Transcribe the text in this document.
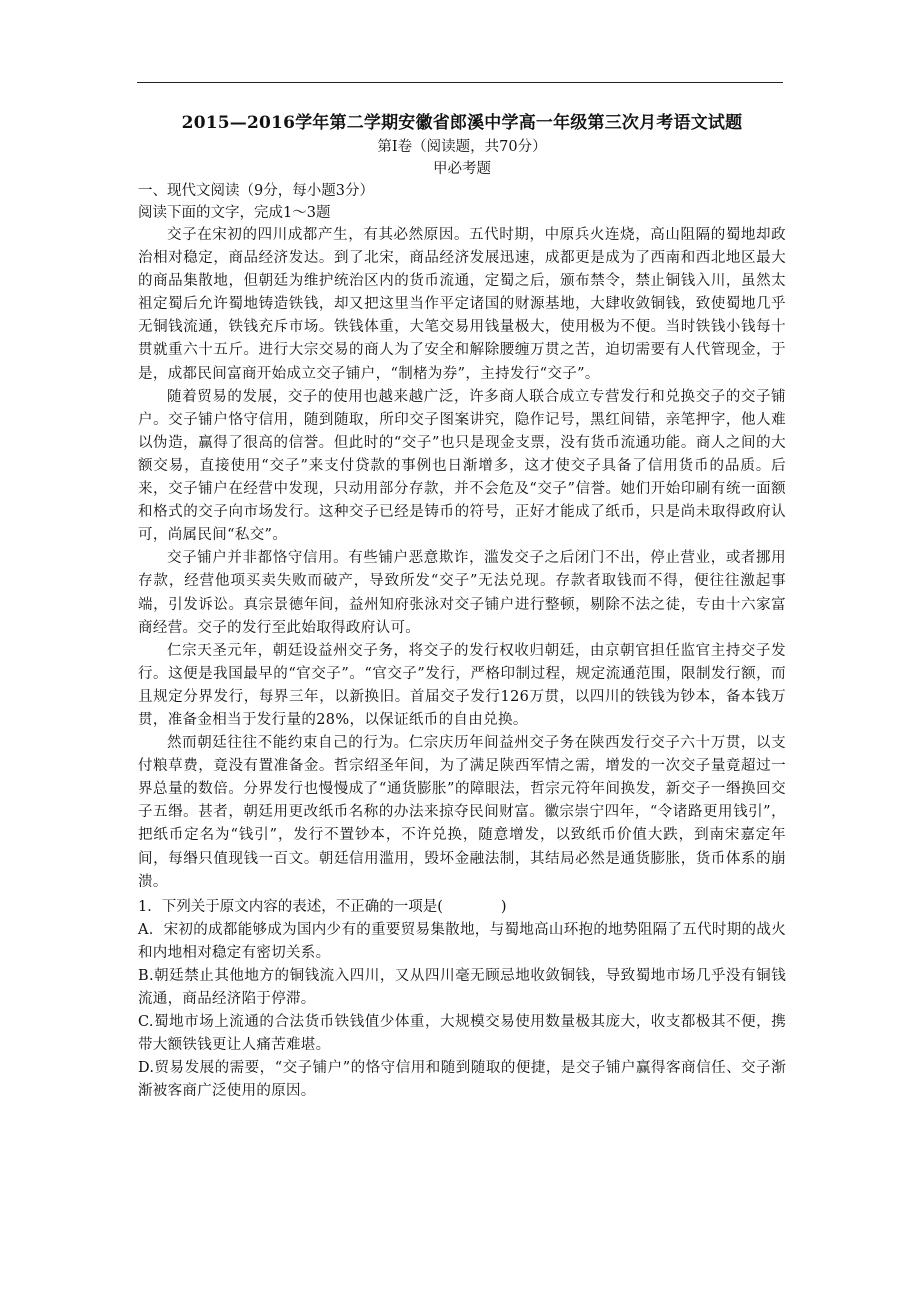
2015—2016学年第二学期安徽省郎溪中学高一年级第三次月考语文试题

第Ⅰ卷（阅读题，共70分）

甲必考题

一、现代文阅读（9分，每小题3分）

阅读下面的文字，完成1～3题

交子在宋初的四川成都产生，有其必然原因。五代时期，中原兵火连烧，高山阻隔的蜀地却政治相对稳定，商品经济发达。到了北宋，商品经济发展迅速，成都更是成为了西南和西北地区最大的商品集散地，但朝廷为维护统治区内的货币流通，定蜀之后，颁布禁令，禁止铜钱入川，虽然太祖定蜀后允许蜀地铸造铁钱，却又把这里当作平定诸国的财源基地，大肆收敛铜钱，致使蜀地几乎无铜钱流通，铁钱充斥市场。铁钱体重，大笔交易用钱量极大，使用极为不便。当时铁钱小钱每十贯就重六十五斤。进行大宗交易的商人为了安全和解除腰缠万贯之苦，迫切需要有人代管现金，于是，成都民间富商开始成立交子铺户，“制楮为券”，主持发行“交子”。

随着贸易的发展，交子的使用也越来越广泛，许多商人联合成立专营发行和兑换交子的交子铺户。交子铺户恪守信用，随到随取，所印交子图案讲究，隐作记号，黑红间错，亲笔押字，他人难以伪造，赢得了很高的信誉。但此时的“交子”也只是现金支票，没有货币流通功能。商人之间的大额交易，直接使用“交子”来支付贷款的事例也日渐增多，这才使交子具备了信用货币的品质。后来，交子铺户在经营中发现，只动用部分存款，并不会危及“交子”信誉。她们开始印刷有统一面额和格式的交子向市场发行。这种交子已经是铸币的符号，正好才能成了纸币，只是尚未取得政府认可，尚属民间“私交”。

交子铺户并非都恪守信用。有些铺户恶意欺诈，滥发交子之后闭门不出，停止营业，或者挪用存款，经营他项买卖失败而破产，导致所发“交子”无法兑现。存款者取钱而不得，便往往激起事端，引发诉讼。真宗景德年间，益州知府张泳对交子铺户进行整顿，剔除不法之徒，专由十六家富商经营。交子的发行至此始取得政府认可。

仁宗天圣元年，朝廷设益州交子务，将交子的发行权收归朝廷，由京朝官担任监官主持交子发行。这便是我国最早的“官交子”。“官交子”发行，严格印制过程，规定流通范围，限制发行额，而且规定分界发行，每界三年，以新换旧。首届交子发行126万贯，以四川的铁钱为钞本，备本钱万贯，准备金相当于发行量的28%，以保证纸币的自由兑换。

然而朝廷往往不能约束自己的行为。仁宗庆历年间益州交子务在陕西发行交子六十万贯，以支付粮草费，竟没有置准备金。哲宗绍圣年间，为了满足陕西军情之需，增发的一次交子量竟超过一界总量的数倍。分界发行也慢慢成了“通货膨胀”的障眼法，哲宗元符年间换发，新交子一缗换回交子五缗。甚者，朝廷用更改纸币名称的办法来掠夺民间财富。徽宗崇宁四年，“令诸路更用钱引”，把纸币定名为“钱引”，发行不置钞本，不许兑换，随意增发，以致纸币价值大跌，到南宋嘉定年间，每缗只值现钱一百文。朝廷信用滥用，毁坏金融法制，其结局必然是通货膨胀，货币体系的崩溃。

1．下列关于原文内容的表述，不正确的一项是(　　　　)

A．宋初的成都能够成为国内少有的重要贸易集散地，与蜀地高山环抱的地势阻隔了五代时期的战火和内地相对稳定有密切关系。

B.朝廷禁止其他地方的铜钱流入四川，又从四川毫无顾忌地收敛铜钱，导致蜀地市场几乎没有铜钱流通，商品经济陷于停滞。

C.蜀地市场上流通的合法货币铁钱值少体重，大规模交易使用数量极其庞大，收支都极其不便，携带大额铁钱更让人痛苦难堪。

D.贸易发展的需要，“交子铺户”的恪守信用和随到随取的便捷，是交子铺户赢得客商信任、交子渐渐被客商广泛使用的原因。
